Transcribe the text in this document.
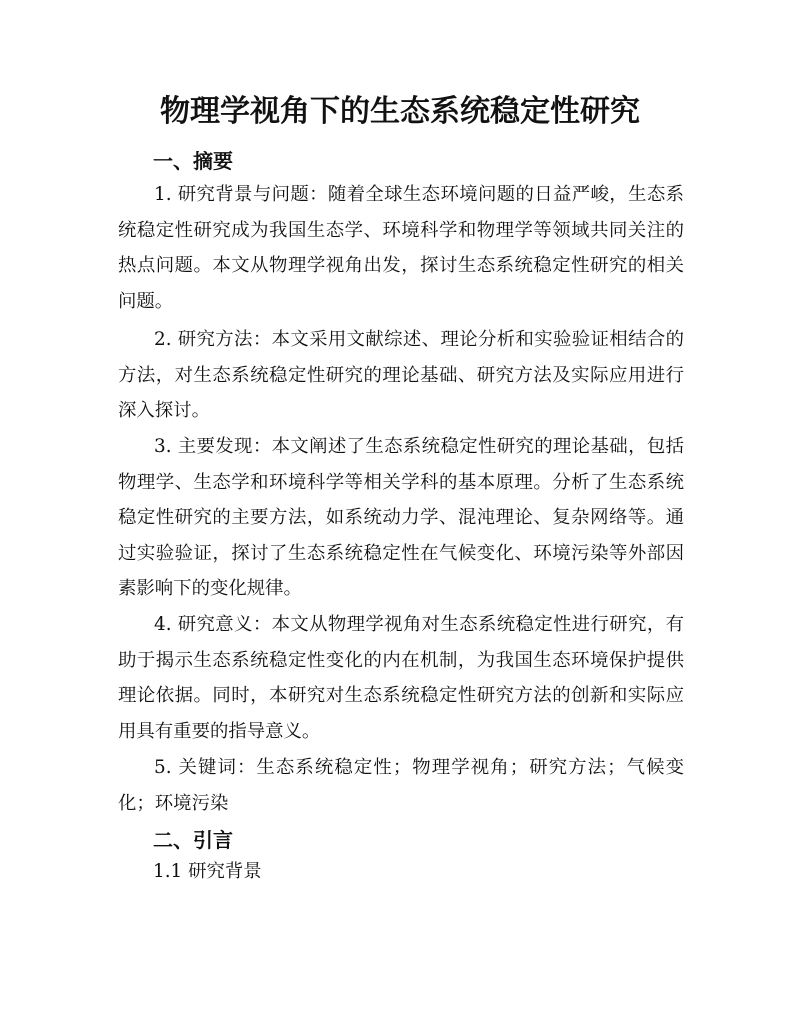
物理学视角下的生态系统稳定性研究
一、摘要

1. 研究背景与问题：随着全球生态环境问题的日益严峻，生态系统稳定性研究成为我国生态学、环境科学和物理学等领域共同关注的热点问题。本文从物理学视角出发，探讨生态系统稳定性研究的相关问题。

2. 研究方法：本文采用文献综述、理论分析和实验验证相结合的方法，对生态系统稳定性研究的理论基础、研究方法及实际应用进行深入探讨。

3. 主要发现：本文阐述了生态系统稳定性研究的理论基础，包括物理学、生态学和环境科学等相关学科的基本原理。分析了生态系统稳定性研究的主要方法，如系统动力学、混沌理论、复杂网络等。通过实验验证，探讨了生态系统稳定性在气候变化、环境污染等外部因素影响下的变化规律。

4. 研究意义：本文从物理学视角对生态系统稳定性进行研究，有助于揭示生态系统稳定性变化的内在机制，为我国生态环境保护提供理论依据。同时，本研究对生态系统稳定性研究方法的创新和实际应用具有重要的指导意义。

5. 关键词：生态系统稳定性；物理学视角；研究方法；气候变化；环境污染

二、引言
1.1 研究背景
